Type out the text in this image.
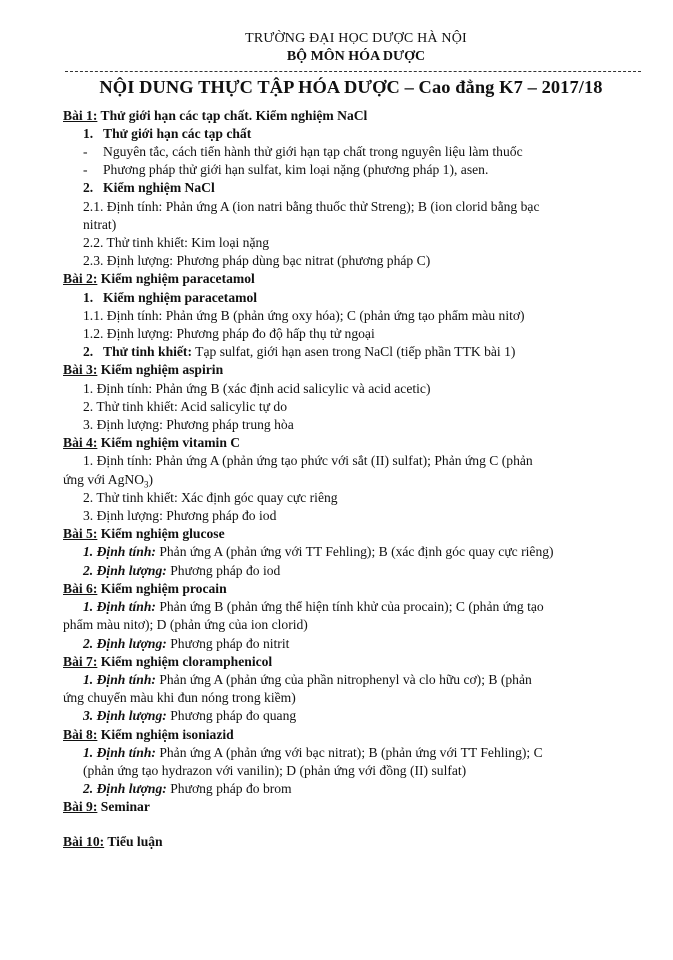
TRƯỜNG ĐẠI HỌC DƯỢC HÀ NỘI
BỘ MÔN HÓA DƯỢC
NỘI DUNG THỰC TẬP HÓA DƯỢC – Cao đẳng K7 – 2017/18
Bài 1: Thử giới hạn các tạp chất. Kiểm nghiệm NaCl
1. Thử giới hạn các tạp chất
- Nguyên tắc, cách tiến hành thử giới hạn tạp chất trong nguyên liệu làm thuốc
- Phương pháp thử giới hạn sulfat, kim loại nặng (phương pháp 1), asen.
2. Kiểm nghiệm NaCl
2.1. Định tính: Phản ứng A (ion natri bằng thuốc thử Streng); B (ion clorid bằng bạc
nitrat)
2.2. Thử tinh khiết: Kim loại nặng
2.3. Định lượng: Phương pháp dùng bạc nitrat (phương pháp C)
Bài 2: Kiểm nghiệm paracetamol
1. Kiểm nghiệm paracetamol
1.1. Định tính: Phản ứng B (phản ứng oxy hóa); C (phản ứng tạo phẩm màu nitơ)
1.2. Định lượng: Phương pháp đo độ hấp thụ tử ngoại
2. Thử tinh khiết: Tạp sulfat, giới hạn asen trong NaCl (tiếp phần TTK bài 1)
Bài 3: Kiểm nghiệm aspirin
1. Định tính: Phản ứng B (xác định acid salicylic và acid acetic)
2. Thử tinh khiết: Acid salicylic tự do
3. Định lượng: Phương pháp trung hòa
Bài 4: Kiểm nghiệm vitamin C
1. Định tính: Phản ứng A (phản ứng tạo phức với sắt (II) sulfat); Phản ứng C (phản
ứng với AgNO$_3$)
2. Thử tinh khiết: Xác định góc quay cực riêng
3. Định lượng: Phương pháp đo iod
Bài 5: Kiểm nghiệm glucose
1. Định tính: Phản ứng A (phản ứng với TT Fehling); B (xác định góc quay cực riêng)
2. Định lượng: Phương pháp đo iod
Bài 6: Kiểm nghiệm procain
1. Định tính: Phản ứng B (phản ứng thể hiện tính khử của procain); C (phản ứng tạo
phẩm màu nitơ); D (phản ứng của ion clorid)
2. Định lượng: Phương pháp đo nitrit
Bài 7: Kiểm nghiệm cloramphenicol
1. Định tính: Phản ứng A (phản ứng của phần nitrophenyl và clo hữu cơ); B (phản
ứng chuyển màu khi đun nóng trong kiềm)
3. Định lượng: Phương pháp đo quang
Bài 8: Kiểm nghiệm isoniazid
1. Định tính: Phản ứng A (phản ứng với bạc nitrat); B (phản ứng với TT Fehling); C
(phản ứng tạo hydrazon với vanilin); D (phản ứng với đồng (II) sulfat)
2. Định lượng: Phương pháp đo brom
Bài 9: Seminar
Bài 10: Tiểu luận
